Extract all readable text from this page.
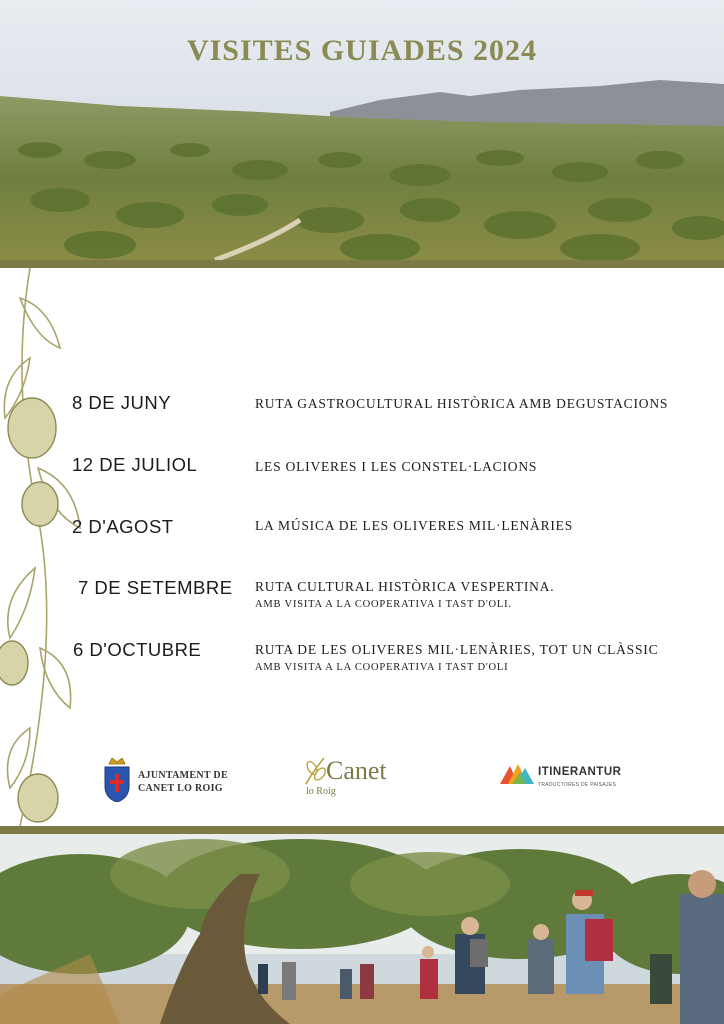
VISITES GUIADES 2024
8 DE JUNY	RUTA GASTROCULTURAL HISTÒRICA AMB DEGUSTACIONS
12 DE JULIOL	LES OLIVERES I LES CONSTEL·LACIONS
2 D'AGOST	LA MÚSICA DE LES OLIVERES MIL·LENÀRIES
7 DE SETEMBRE RUTA CULTURAL HISTÒRICA VESPERTINA.
AMB VISITA A LA COOPERATIVA I TAST D'OLI.
6 D'OCTUBRE	RUTA DE LES OLIVERES MIL·LENÀRIES, TOT UN CLÀSSIC
AMB VISITA A LA COOPERATIVA I TAST D'OLI
AJUNTAMENT DE
CANET LO ROIG
Canet
lo Roig
ITINERANTUR
TRADUCTORES DE PAISAJES
